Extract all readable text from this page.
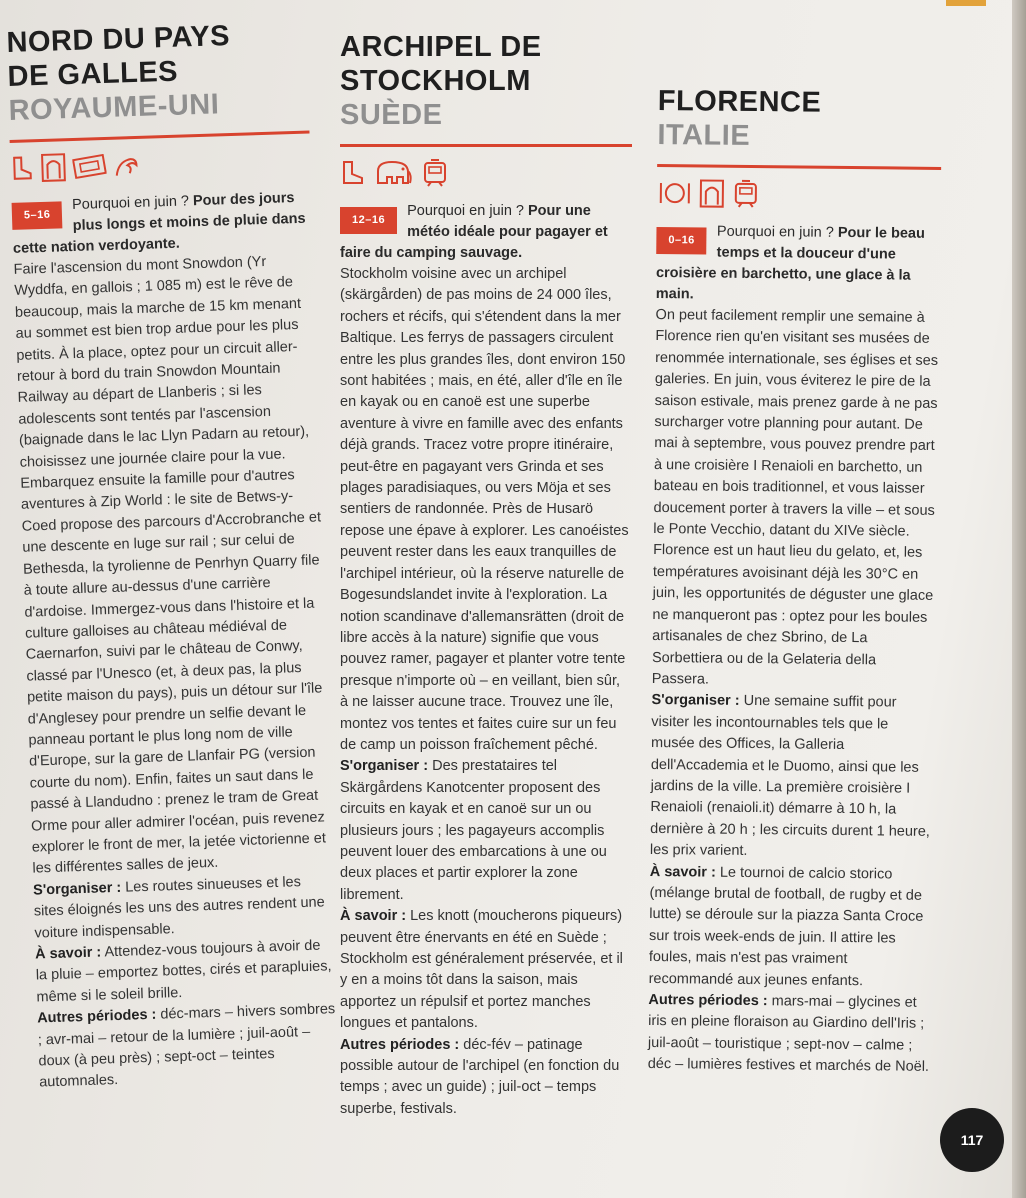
NORD DU PAYS

DE GALLES

ROYAUME-UNI

5–16
Pourquoi en juin ? Pour des jours plus longs et moins de pluie dans cette nation verdoyante.

Faire l'ascension du mont Snowdon (Yr Wyddfa, en gallois ; 1 085 m) est le rêve de beaucoup, mais la marche de 15 km menant au sommet est bien trop ardue pour les plus petits. À la place, optez pour un circuit aller-retour à bord du train Snowdon Mountain Railway au départ de Llanberis ; si les adolescents sont tentés par l'ascension (baignade dans le lac Llyn Padarn au retour), choisissez une journée claire pour la vue. Embarquez ensuite la famille pour d'autres aventures à Zip World : le site de Betws-y-Coed propose des parcours d'Accrobranche et une descente en luge sur rail ; sur celui de Bethesda, la tyrolienne de Penrhyn Quarry file à toute allure au-dessus d'une carrière d'ardoise. Immergez-vous dans l'histoire et la culture galloises au château médiéval de Caernarfon, suivi par le château de Conwy, classé par l'Unesco (et, à deux pas, la plus petite maison du pays), puis un détour sur l'île d'Anglesey pour prendre un selfie devant le panneau portant le plus long nom de ville d'Europe, sur la gare de Llanfair PG (version courte du nom). Enfin, faites un saut dans le passé à Llandudno : prenez le tram de Great Orme pour aller admirer l'océan, puis revenez explorer le front de mer, la jetée victorienne et les différentes salles de jeux.

S'organiser : Les routes sinueuses et les sites éloignés les uns des autres rendent une voiture indispensable.

À savoir : Attendez-vous toujours à avoir de la pluie – emportez bottes, cirés et parapluies, même si le soleil brille.

Autres périodes : déc-mars – hivers sombres ; avr-mai – retour de la lumière ; juil-août – doux (à peu près) ; sept-oct – teintes automnales.

ARCHIPEL DE

STOCKHOLM

SUÈDE

12–16
Pourquoi en juin ? Pour une météo idéale pour pagayer et faire du camping sauvage.

Stockholm voisine avec un archipel (skärgården) de pas moins de 24 000 îles, rochers et récifs, qui s'étendent dans la mer Baltique. Les ferrys de passagers circulent entre les plus grandes îles, dont environ 150 sont habitées ; mais, en été, aller d'île en île en kayak ou en canoë est une superbe aventure à vivre en famille avec des enfants déjà grands. Tracez votre propre itinéraire, peut-être en pagayant vers Grinda et ses plages paradisiaques, ou vers Möja et ses sentiers de randonnée. Près de Husarö repose une épave à explorer. Les canoéistes peuvent rester dans les eaux tranquilles de l'archipel intérieur, où la réserve naturelle de Bogesundslandet invite à l'exploration. La notion scandinave d'allemansrätten (droit de libre accès à la nature) signifie que vous pouvez ramer, pagayer et planter votre tente presque n'importe où – en veillant, bien sûr, à ne laisser aucune trace. Trouvez une île, montez vos tentes et faites cuire sur un feu de camp un poisson fraîchement pêché.

S'organiser : Des prestataires tel Skärgårdens Kanotcenter proposent des circuits en kayak et en canoë sur un ou plusieurs jours ; les pagayeurs accomplis peuvent louer des embarcations à une ou deux places et partir explorer la zone librement.

À savoir : Les knott (moucherons piqueurs) peuvent être énervants en été en Suède ; Stockholm est généralement préservée, et il y en a moins tôt dans la saison, mais apportez un répulsif et portez manches longues et pantalons.

Autres périodes : déc-fév – patinage possible autour de l'archipel (en fonction du temps ; avec un guide) ; juil-oct – temps superbe, festivals.

FLORENCE

ITALIE

0–16	Pourquoi en juin ? Pour le beau temps et la douceur d'une croisière en barchetto, une glace à la main.

On peut facilement remplir une semaine à Florence rien qu'en visitant ses musées de renommée internationale, ses églises et ses galeries. En juin, vous éviterez le pire de la saison estivale, mais prenez garde à ne pas surcharger votre planning pour autant. De mai à septembre, vous pouvez prendre part à une croisière I Renaioli en barchetto, un bateau en bois traditionnel, et vous laisser doucement porter à travers la ville – et sous le Ponte Vecchio, datant du XIVe siècle. Florence est un haut lieu du gelato, et, les températures avoisinant déjà les 30°C en juin, les opportunités de déguster une glace ne manqueront pas : optez pour les boules artisanales de chez Sbrino, de La Sorbettiera ou de la Gelateria della Passera.

S'organiser : Une semaine suffit pour visiter les incontournables tels que le musée des Offices, la Galleria dell'Accademia et le Duomo, ainsi que les jardins de la ville. La première croisière I Renaioli (renaioli.it) démarre à 10 h, la dernière à 20 h ; les circuits durent 1 heure, les prix varient.

À savoir : Le tournoi de calcio storico (mélange brutal de football, de rugby et de lutte) se déroule sur la piazza Santa Croce sur trois week-ends de juin. Il attire les foules, mais n'est pas vraiment recommandé aux jeunes enfants.

Autres périodes : mars-mai – glycines et iris en pleine floraison au Giardino dell'Iris ; juil-août – touristique ; sept-nov – calme ; déc – lumières festives et marchés de Noël.

117
